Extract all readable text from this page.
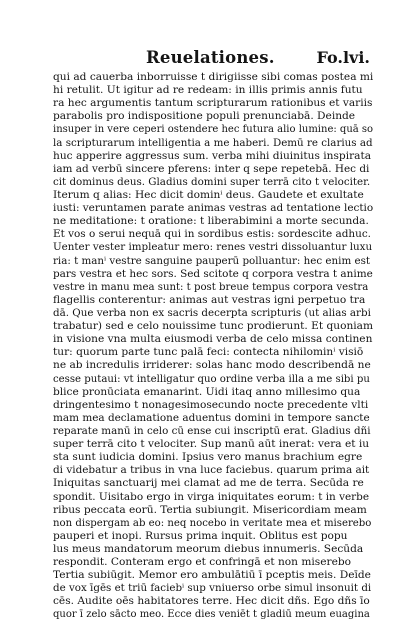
Reuelationes.	Fo.lvi.
qui ad cauerba inborruisse t dirigiisse sibi comas postea mi
hi retulit. Ut igitur ad re redeam: in illis primis annis futu
ra hec argumentis tantum scripturarum rationibus et variis
parabolis pro indispositione populi prenunciabā. Deinde
insuper in vere ceperi ostendere hec futura alio lumine: quā so
la scripturarum intelligentia a me haberi. Demū re clarius ad
huc apperire aggressus sum. verba mihi diuinitus inspirata
iam ad verbū sincere pferens: inter q sepe repetebā. Hec di
cit dominus deus. Gladius domini super terrā cito t velociter.
Iterum q alias: Hec dicit dominⁱ deus. Gaudete et exultate
iusti: veruntamen parate animas vestras ad tentatione lectio
ne meditatione: t oratione: t liberabimini a morte secunda.
Et vos o serui nequā qui in sordibus estis: sordescite adhuc.
Uenter vester impleatur mero: renes vestri dissoluantur luxu
ria: t manⁱ vestre sanguine pauperū polluantur: hec enim est
pars vestra et hec sors. Sed scitote q corpora vestra t anime
vestre in manu mea sunt: t post breue tempus corpora vestra
flagellis conterentur: animas aut vestras igni perpetuo tra
dā. Que verba non ex sacris decerpta scripturis (ut alias arbi
trabatur) sed e celo nouissime tunc prodierunt. Et quoniam
in visione vna multa eiusmodi verba de celo missa continen
tur: quorum parte tunc palā feci: contecta nihilominⁱ visiō
ne ab incredulis irriderer: solas hanc modo describendā ne
cesse putaui: vt intelligatur quo ordine verba illa a me sibi pu
blice pronūciata emanarint. Uidi itaq anno millesimo qua
dringentesimo t nonagesimosecundo nocte precedente vlti
mam mea declamatione aduentus domini in tempore sancte
reparate manū in celo cū ense cui inscriptū erat. Gladius dñi
super terrā cito t velociter. Sup manū aūt inerat: vera et iu
sta sunt iudicia domini. Ipsius vero manus brachium egre
di videbatur a tribus in vna luce faciebus. quarum prima ait
Iniquitas sanctuarij mei clamat ad me de terra. Secūda re
spondit. Uisitabo ergo in virga iniquitates eorum: t in verbe
ribus peccata eorū. Tertia subiungit. Misericordiam meam
non dispergam ab eo: neq nocebo in veritate mea et miserebo
pauperi et inopi. Rursus prima inquit. Oblitus est popu
lus meus mandatorum meorum diebus innumeris. Secūda
respondit. Conteram ergo et confringā et non miserebo
Tertia subiūgit. Memor ero ambulātiū ī pceptis meis. Deīde
de vox īgēs et triū faciebⁱ sup vniuerso orbe simul insonuit di
cēs. Audite oēs habitatores terre. Hec dicit dñs. Ego dñs īo
quor ī zelo sācto meo. Ecce dies veniēt t gladiū meum euagina
